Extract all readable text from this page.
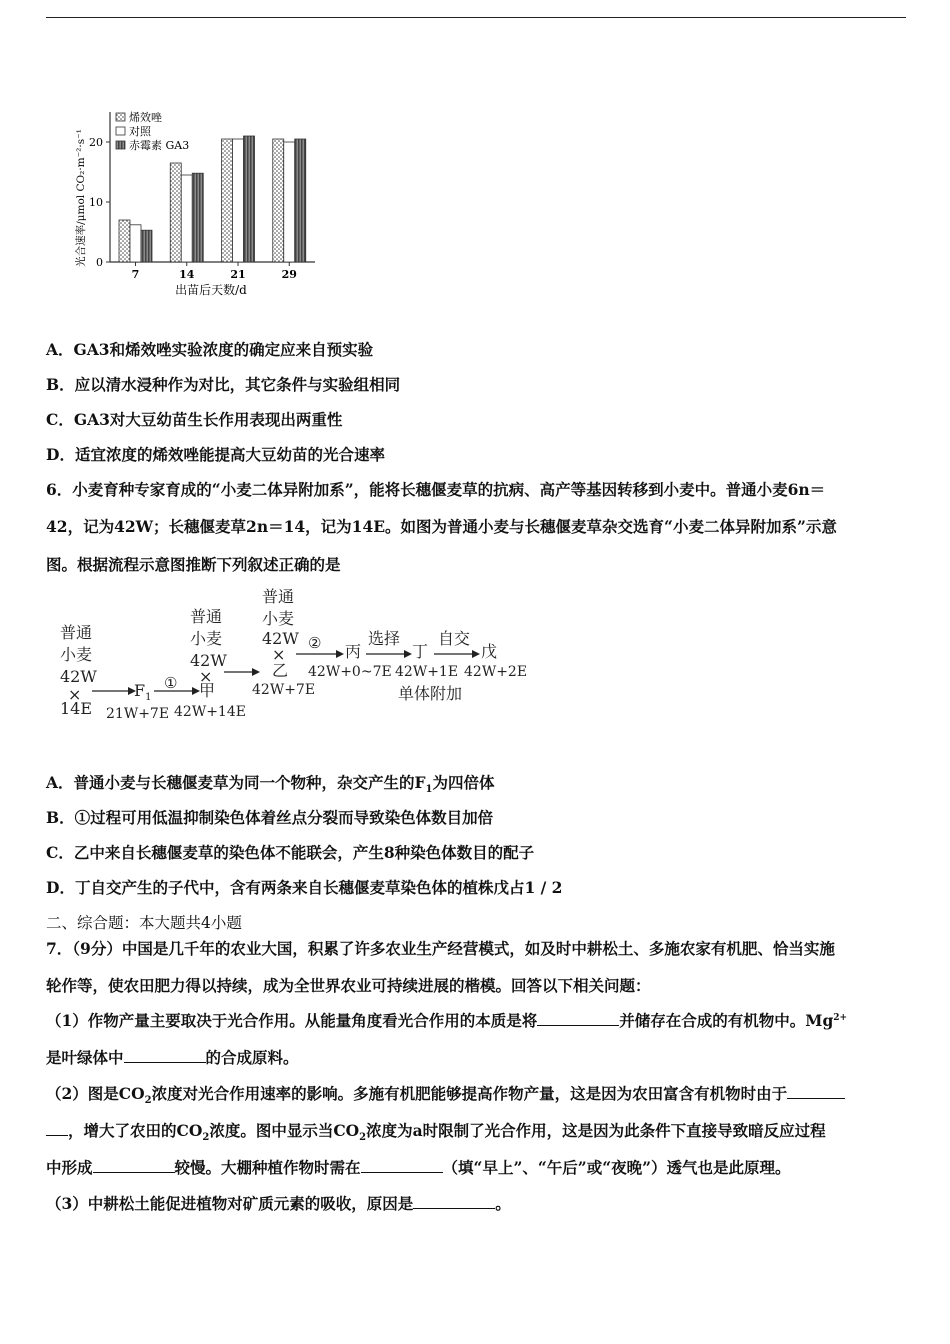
光合速率/μmol CO₂·m⁻²·s⁻¹
出苗后天数/d
0
10
20
7	14	21	29
烯效唑
对照
赤霉素 GA3
A．GA3和烯效唑实验浓度的确定应来自预实验
B．应以清水浸种作为对比，其它条件与实验组相同
C．GA3对大豆幼苗生长作用表现出两重性
D．适宜浓度的烯效唑能提高大豆幼苗的光合速率
6．小麦育种专家育成的“小麦二体异附加系”，能将长穗偃麦草的抗病、高产等基因转移到小麦中。普通小麦6n＝
42，记为42W；长穗偃麦草2n＝14，记为14E。如图为普通小麦与长穗偃麦草杂交选育“小麦二体异附加系”示意
图。根据流程示意图推断下列叙述正确的是
普通
小麦
42W
×
14E
$F_1$
21W+7E
①
普通
小麦
42W
×
甲
42W+14E
普通
小麦
42W
×
乙
42W+7E
② 丙
42W+0~7E
选择
丁
42W+1E
单体附加
自交
戊
42W+2E
A．普通小麦与长穗偃麦草为同一个物种，杂交产生的$F_1$为四倍体
B．①过程可用低温抑制染色体着丝点分裂而导致染色体数目加倍
C．乙中来自长穗偃麦草的染色体不能联会，产生8种染色体数目的配子
D．丁自交产生的子代中，含有两条来自长穗偃麦草染色体的植株戊占1 / 2
二、综合题：本大题共4小题
7．（9分）中国是几千年的农业大国，积累了许多农业生产经营模式，如及时中耕松土、多施农家有机肥、恰当实施
轮作等，使农田肥力得以持续，成为全世界农业可持续进展的楷模。回答以下相关问题：
（1）作物产量主要取决于光合作用。从能量角度看光合作用的本质是将	并储存在合成的有机物中。$Mg^{2+}$
是叶绿体中	的合成原料。
（2）图是$CO_2$浓度对光合作用速率的影响。多施有机肥能够提高作物产量，这是因为农田富含有机物时由于
，增大了农田的$CO_2$浓度。图中显示当$CO_2$浓度为a时限制了光合作用，这是因为此条件下直接导致暗反应过程
中形成	较慢。大棚种植作物时需在	（填“早上”、“午后”或“夜晚”）透气也是此原理。
（3）中耕松土能促进植物对矿质元素的吸收，原因是	。
